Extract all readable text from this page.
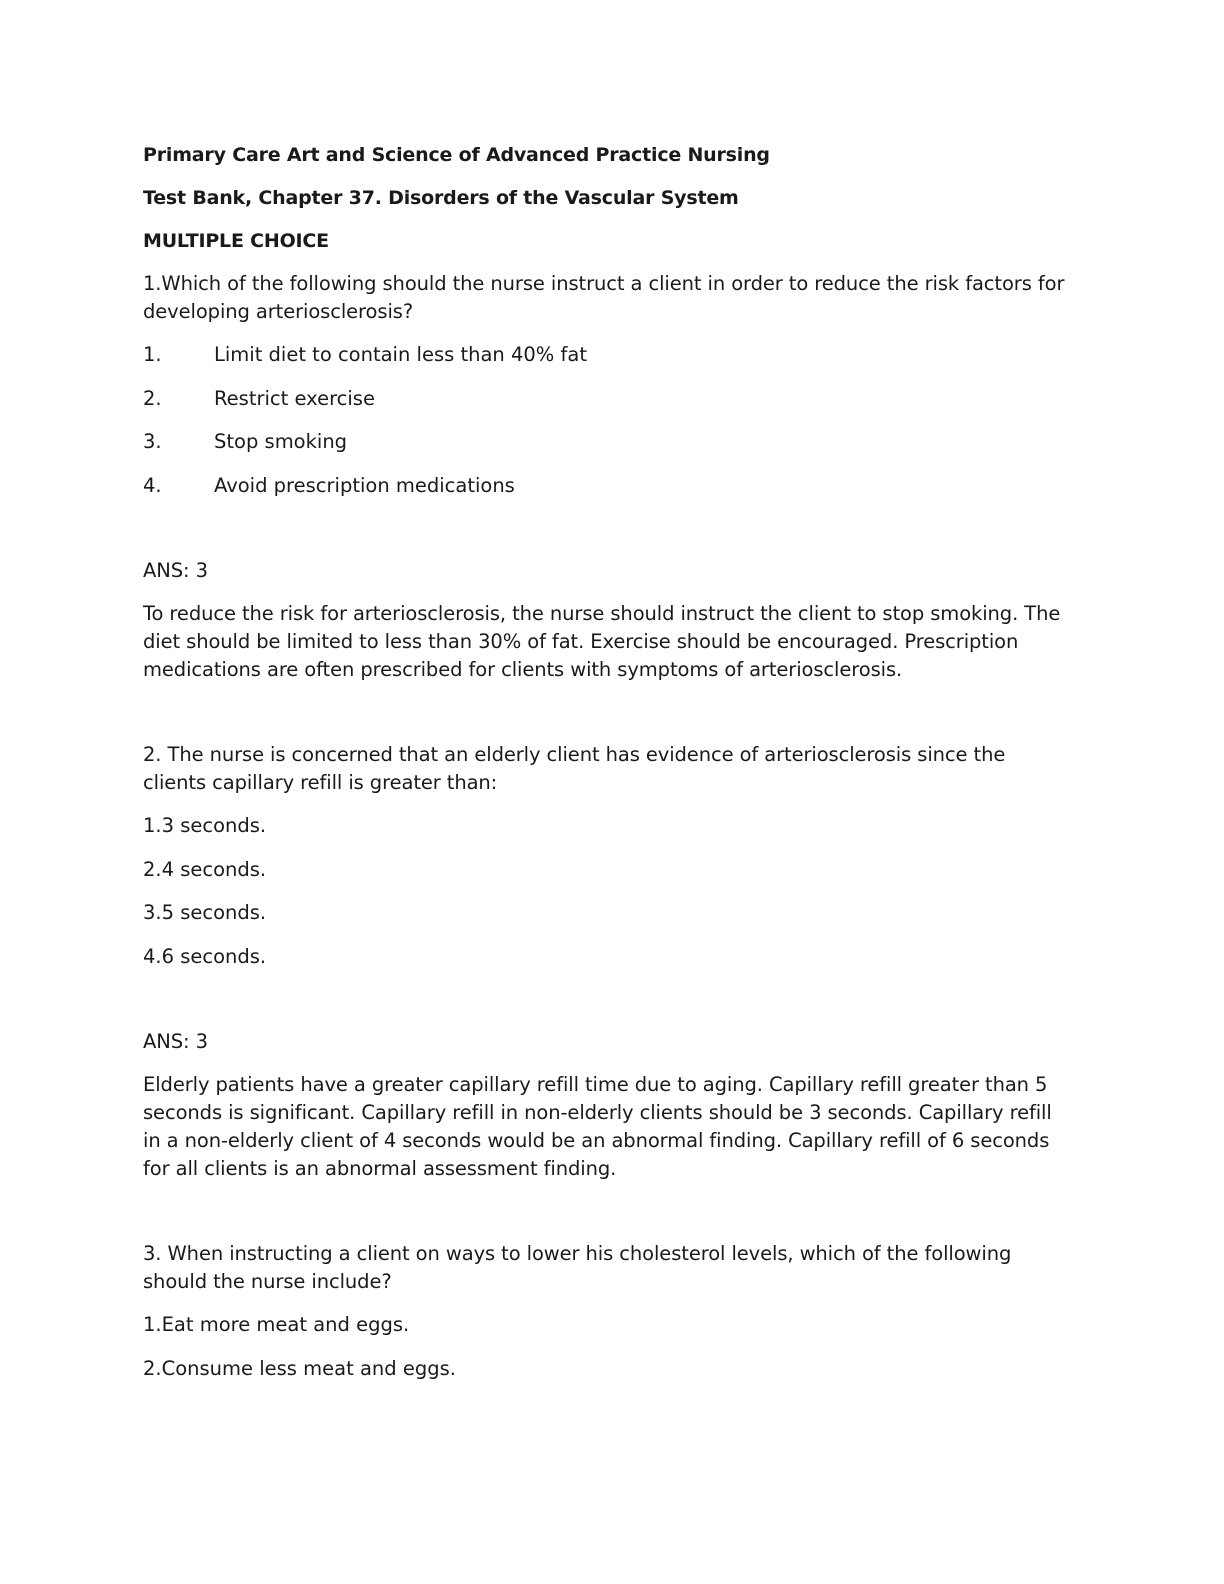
Primary Care Art and Science of Advanced Practice Nursing
Test Bank, Chapter 37. Disorders of the Vascular System
MULTIPLE CHOICE
1.Which of the following should the nurse instruct a client in order to reduce the risk factors for developing arteriosclerosis?
1.	Limit diet to contain less than 40% fat
2.	Restrict exercise
3.	Stop smoking
4.	Avoid prescription medications
ANS: 3
To reduce the risk for arteriosclerosis, the nurse should instruct the client to stop smoking. The diet should be limited to less than 30% of fat. Exercise should be encouraged. Prescription medications are often prescribed for clients with symptoms of arteriosclerosis.
2. The nurse is concerned that an elderly client has evidence of arteriosclerosis since the clients capillary refill is greater than:
1.3 seconds.
2.4 seconds.
3.5 seconds.
4.6 seconds.
ANS: 3
Elderly patients have a greater capillary refill time due to aging. Capillary refill greater than 5 seconds is significant. Capillary refill in non-elderly clients should be 3 seconds. Capillary refill in a non-elderly client of 4 seconds would be an abnormal finding. Capillary refill of 6 seconds for all clients is an abnormal assessment finding.
3. When instructing a client on ways to lower his cholesterol levels, which of the following should the nurse include?
1.Eat more meat and eggs.
2.Consume less meat and eggs.
